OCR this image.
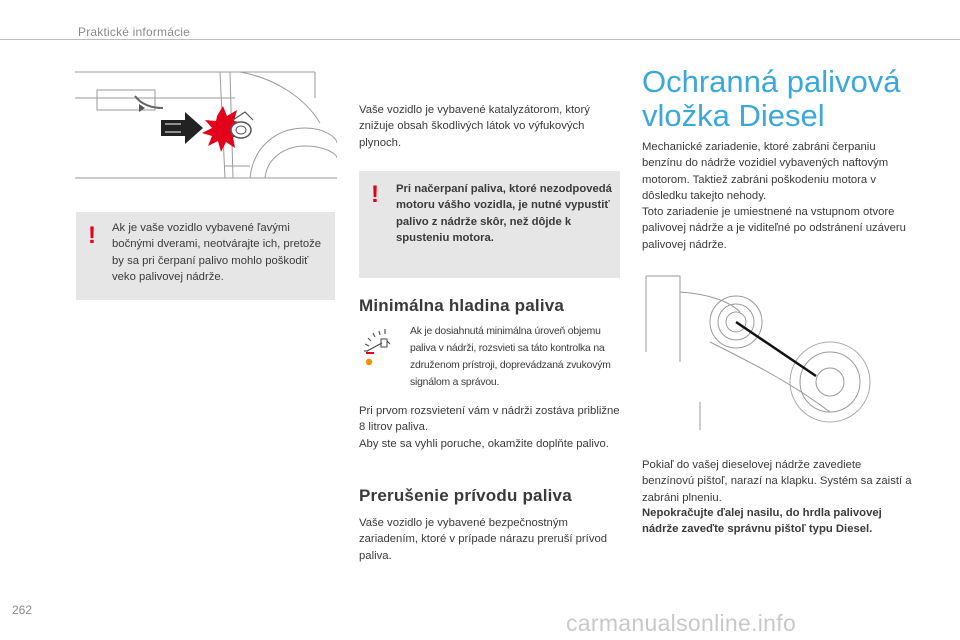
Praktické informácie
! Ak je vaše vozidlo vybavené ľavými bočnými dverami, neotvárajte ich, pretože by sa pri čerpaní palivo mohlo poškodiť veko palivovej nádrže.
Vaše vozidlo je vybavené katalyzátorom, ktorý znižuje obsah škodlivých látok vo výfukových plynoch.
! Pri načerpaní paliva, ktoré nezodpovedá motoru vášho vozidla, je nutné vypustiť palivo z nádrže skôr, než dôjde k spusteniu motora.
Minimálna hladina paliva
Ak je dosiahnutá minimálna úroveň objemu paliva v nádrži, rozsvieti sa táto kontrolka na združenom prístroji, doprevádzaná zvukovým signálom a správou.
Pri prvom rozsvietení vám v nádrži zostáva približne 8 litrov paliva.
Aby ste sa vyhli poruche, okamžite doplňte palivo.
Prerušenie prívodu paliva
Vaše vozidlo je vybavené bezpečnostným zariadením, ktoré v prípade nárazu preruší prívod paliva.
Ochranná palivová vložka Diesel
Mechanické zariadenie, ktoré zabráni čerpaniu benzínu do nádrže vozidiel vybavených naftovým motorom. Taktiež zabráni poškodeniu motora v dôsledku takejto nehody.
Toto zariadenie je umiestnené na vstupnom otvore palivovej nádrže a je viditeľné po odstránení uzáveru palivovej nádrže.
Pokiaľ do vašej dieselovej nádrže zavediete benzínovú pištoľ, narazí na klapku. Systém sa zaistí a zabráni plneniu.
Nepokračujte ďalej nasilu, do hrdla palivovej nádrže zaveďte správnu pištoľ typu Diesel.
262	carmanualsonline.info
